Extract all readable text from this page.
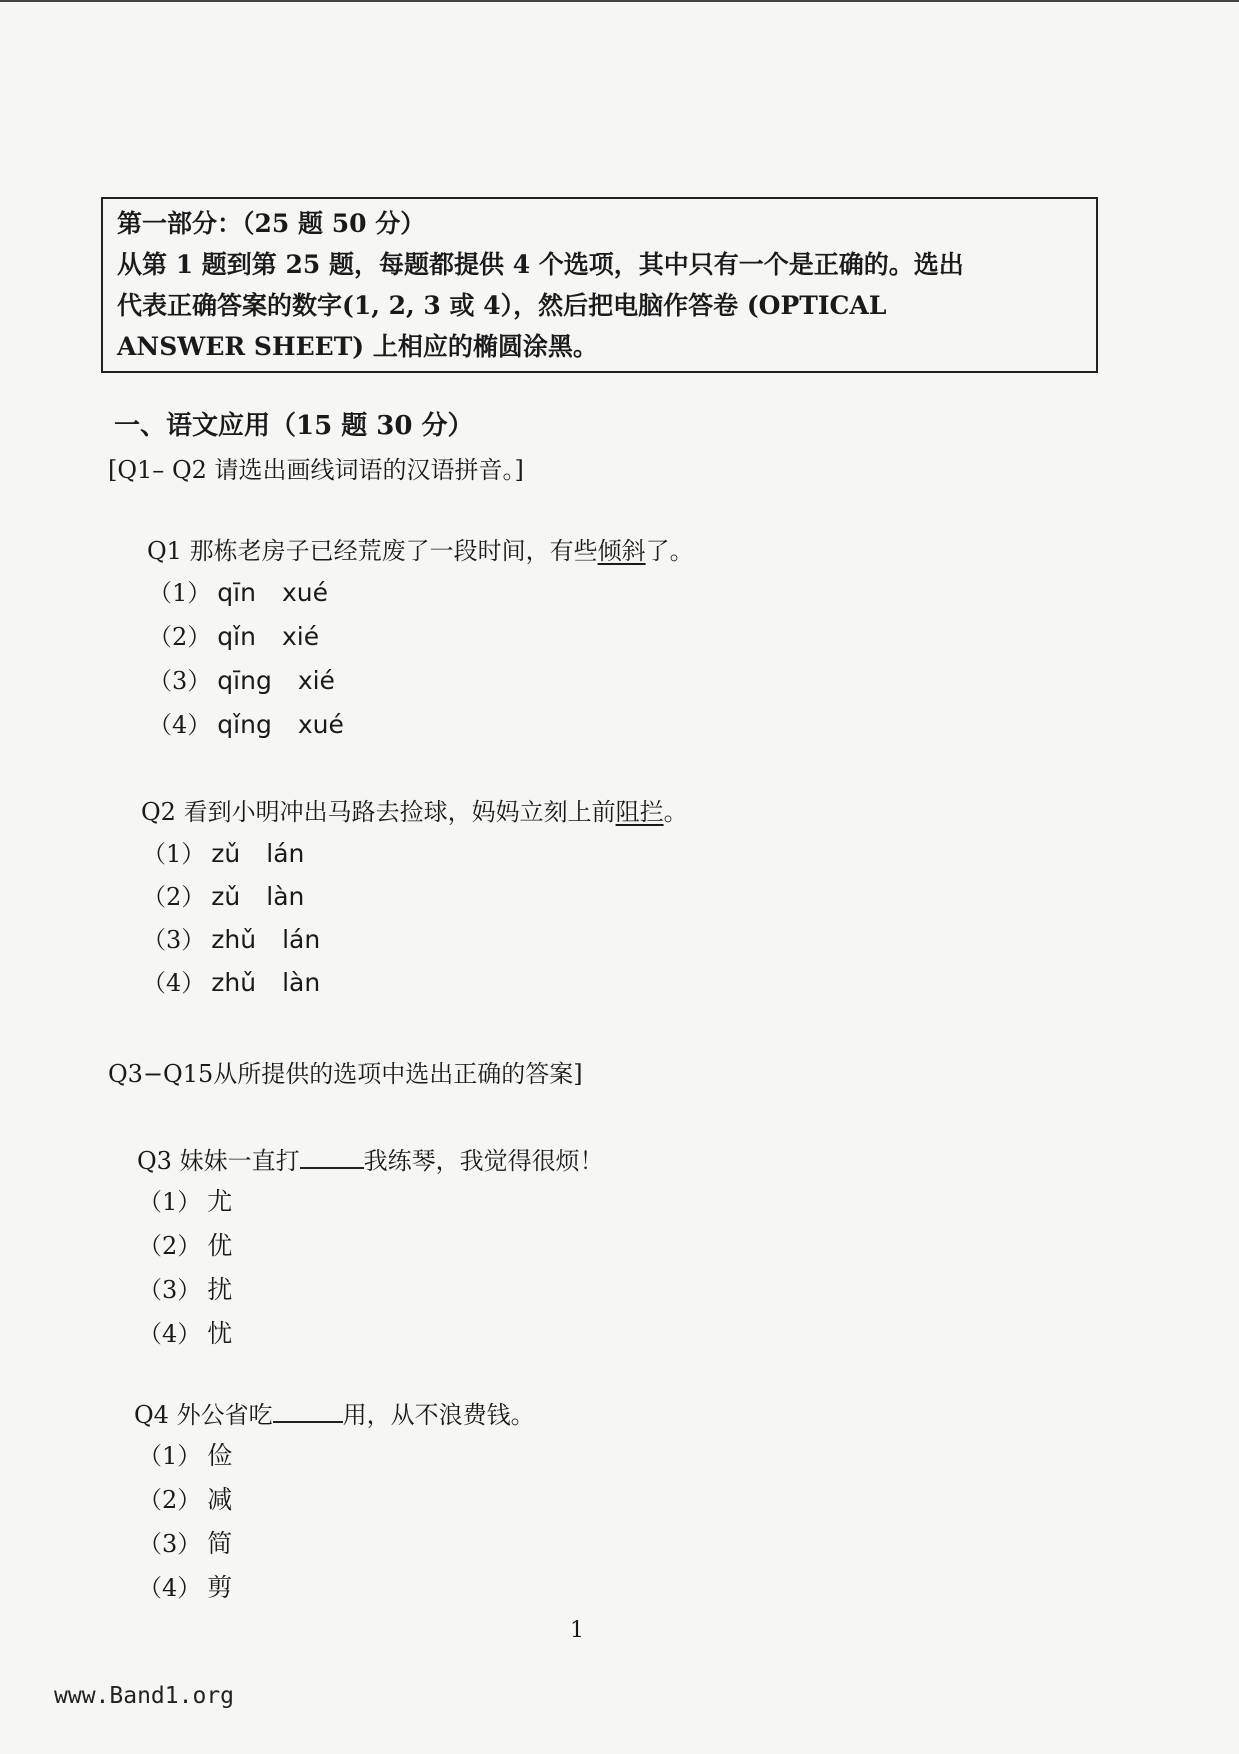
第一部分：（25 题 50 分）
从第 1 题到第 25 题，每题都提供 4 个选项，其中只有一个是正确的。选出
代表正确答案的数字(1, 2, 3 或 4），然后把电脑作答卷 (OPTICAL
ANSWER SHEET) 上相应的椭圆涂黑。
一、语文应用（15 题 30 分）
[Q1– Q2 请选出画线词语的汉语拼音。]
Q1 那栋老房子已经荒废了一段时间，有些倾斜了。
（1） qīn xué
（2） qǐn xié
（3） qīng xié
（4） qǐng xué
Q2 看到小明冲出马路去捡球，妈妈立刻上前阻拦。
（1） zǔ lán
（2） zǔ làn
（3） zhǔ lán
（4） zhǔ làn
Q3−Q15从所提供的选项中选出正确的答案]
Q3 妹妹一直打	我练琴，我觉得很烦！
（1） 尤
（2） 优
（3） 扰
（4） 忧
Q4 外公省吃	用，从不浪费钱。
（1） 俭
（2） 减
（3） 简
（4） 剪
1
www.Band1.org
